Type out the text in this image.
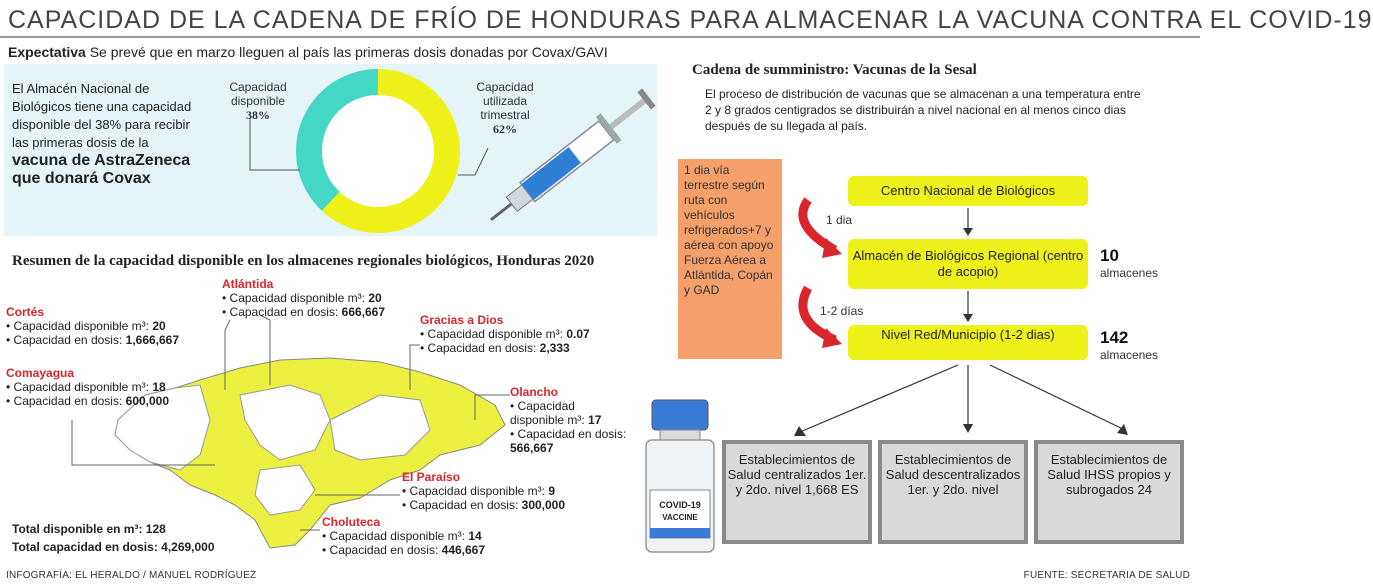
CAPACIDAD DE LA CADENA DE FRÍO DE HONDURAS PARA ALMACENAR LA VACUNA CONTRA EL COVID-19
Expectativa Se prevé que en marzo lleguen al país las primeras dosis donadas por Covax/GAVI
El Almacén Nacional de Biológicos tiene una capacidad disponible del 38% para recibir las primeras dosis de la vacuna de AstraZeneca que donará Covax
Capacidad disponible
38%
Capacidad utilizada trimestral
62%
Resumen de la capacidad disponible en los almacenes regionales biológicos, Honduras 2020
Cortés
• Capacidad disponible m³: 20
• Capacidad en dosis: 1,666,667
Atlántida
• Capacidad disponible m³: 20
• Capacidad en dosis: 666,667
Gracias a Dios
• Capacidad disponible m³: 0.07
• Capacidad en dosis: 2,333
Comayagua
• Capacidad disponible m³: 18
• Capacidad en dosis: 600,000
Olancho
• Capacidad disponible m³: 17
• Capacidad en dosis: 566,667
El Paraíso
• Capacidad disponible m³: 9
• Capacidad en dosis: 300,000
Choluteca
• Capacidad disponible m³: 14
• Capacidad en dosis: 446,667
Total disponible en m³: 128
Total capacidad en dosis: 4,269,000
INFOGRAFÍA: EL HERALDO / MANUEL RODRÍGUEZ	FUENTE: SECRETARIA DE SALUD
Cadena de sumministro: Vacunas de la Sesal
El proceso de distribución de vacunas que se almacenan a una temperatura entre 2 y 8 grados centigrados se distribuirán a nivel nacional en al menos cinco dias después de su llegada al país.
1 dia vía terrestre según ruta con vehículos refrigerados+7 y aérea con apoyo Fuerza Aérea a Atlántida, Copán y GAD
Centro Nacional de Biológicos
Almacén de Biológicos Regional (centro de acopio)
Nivel Red/Municipio (1-2 dias)
1 dia
1-2 días
10
almacenes
142
almacenes
Establecimientos de Salud centralizados 1er. y 2do. nivel 1,668 ES
Establecimientos de Salud descentralizados 1er. y 2do. nivel
Establecimientos de Salud IHSS propios y subrogados 24
COVID-19
VACCINE
